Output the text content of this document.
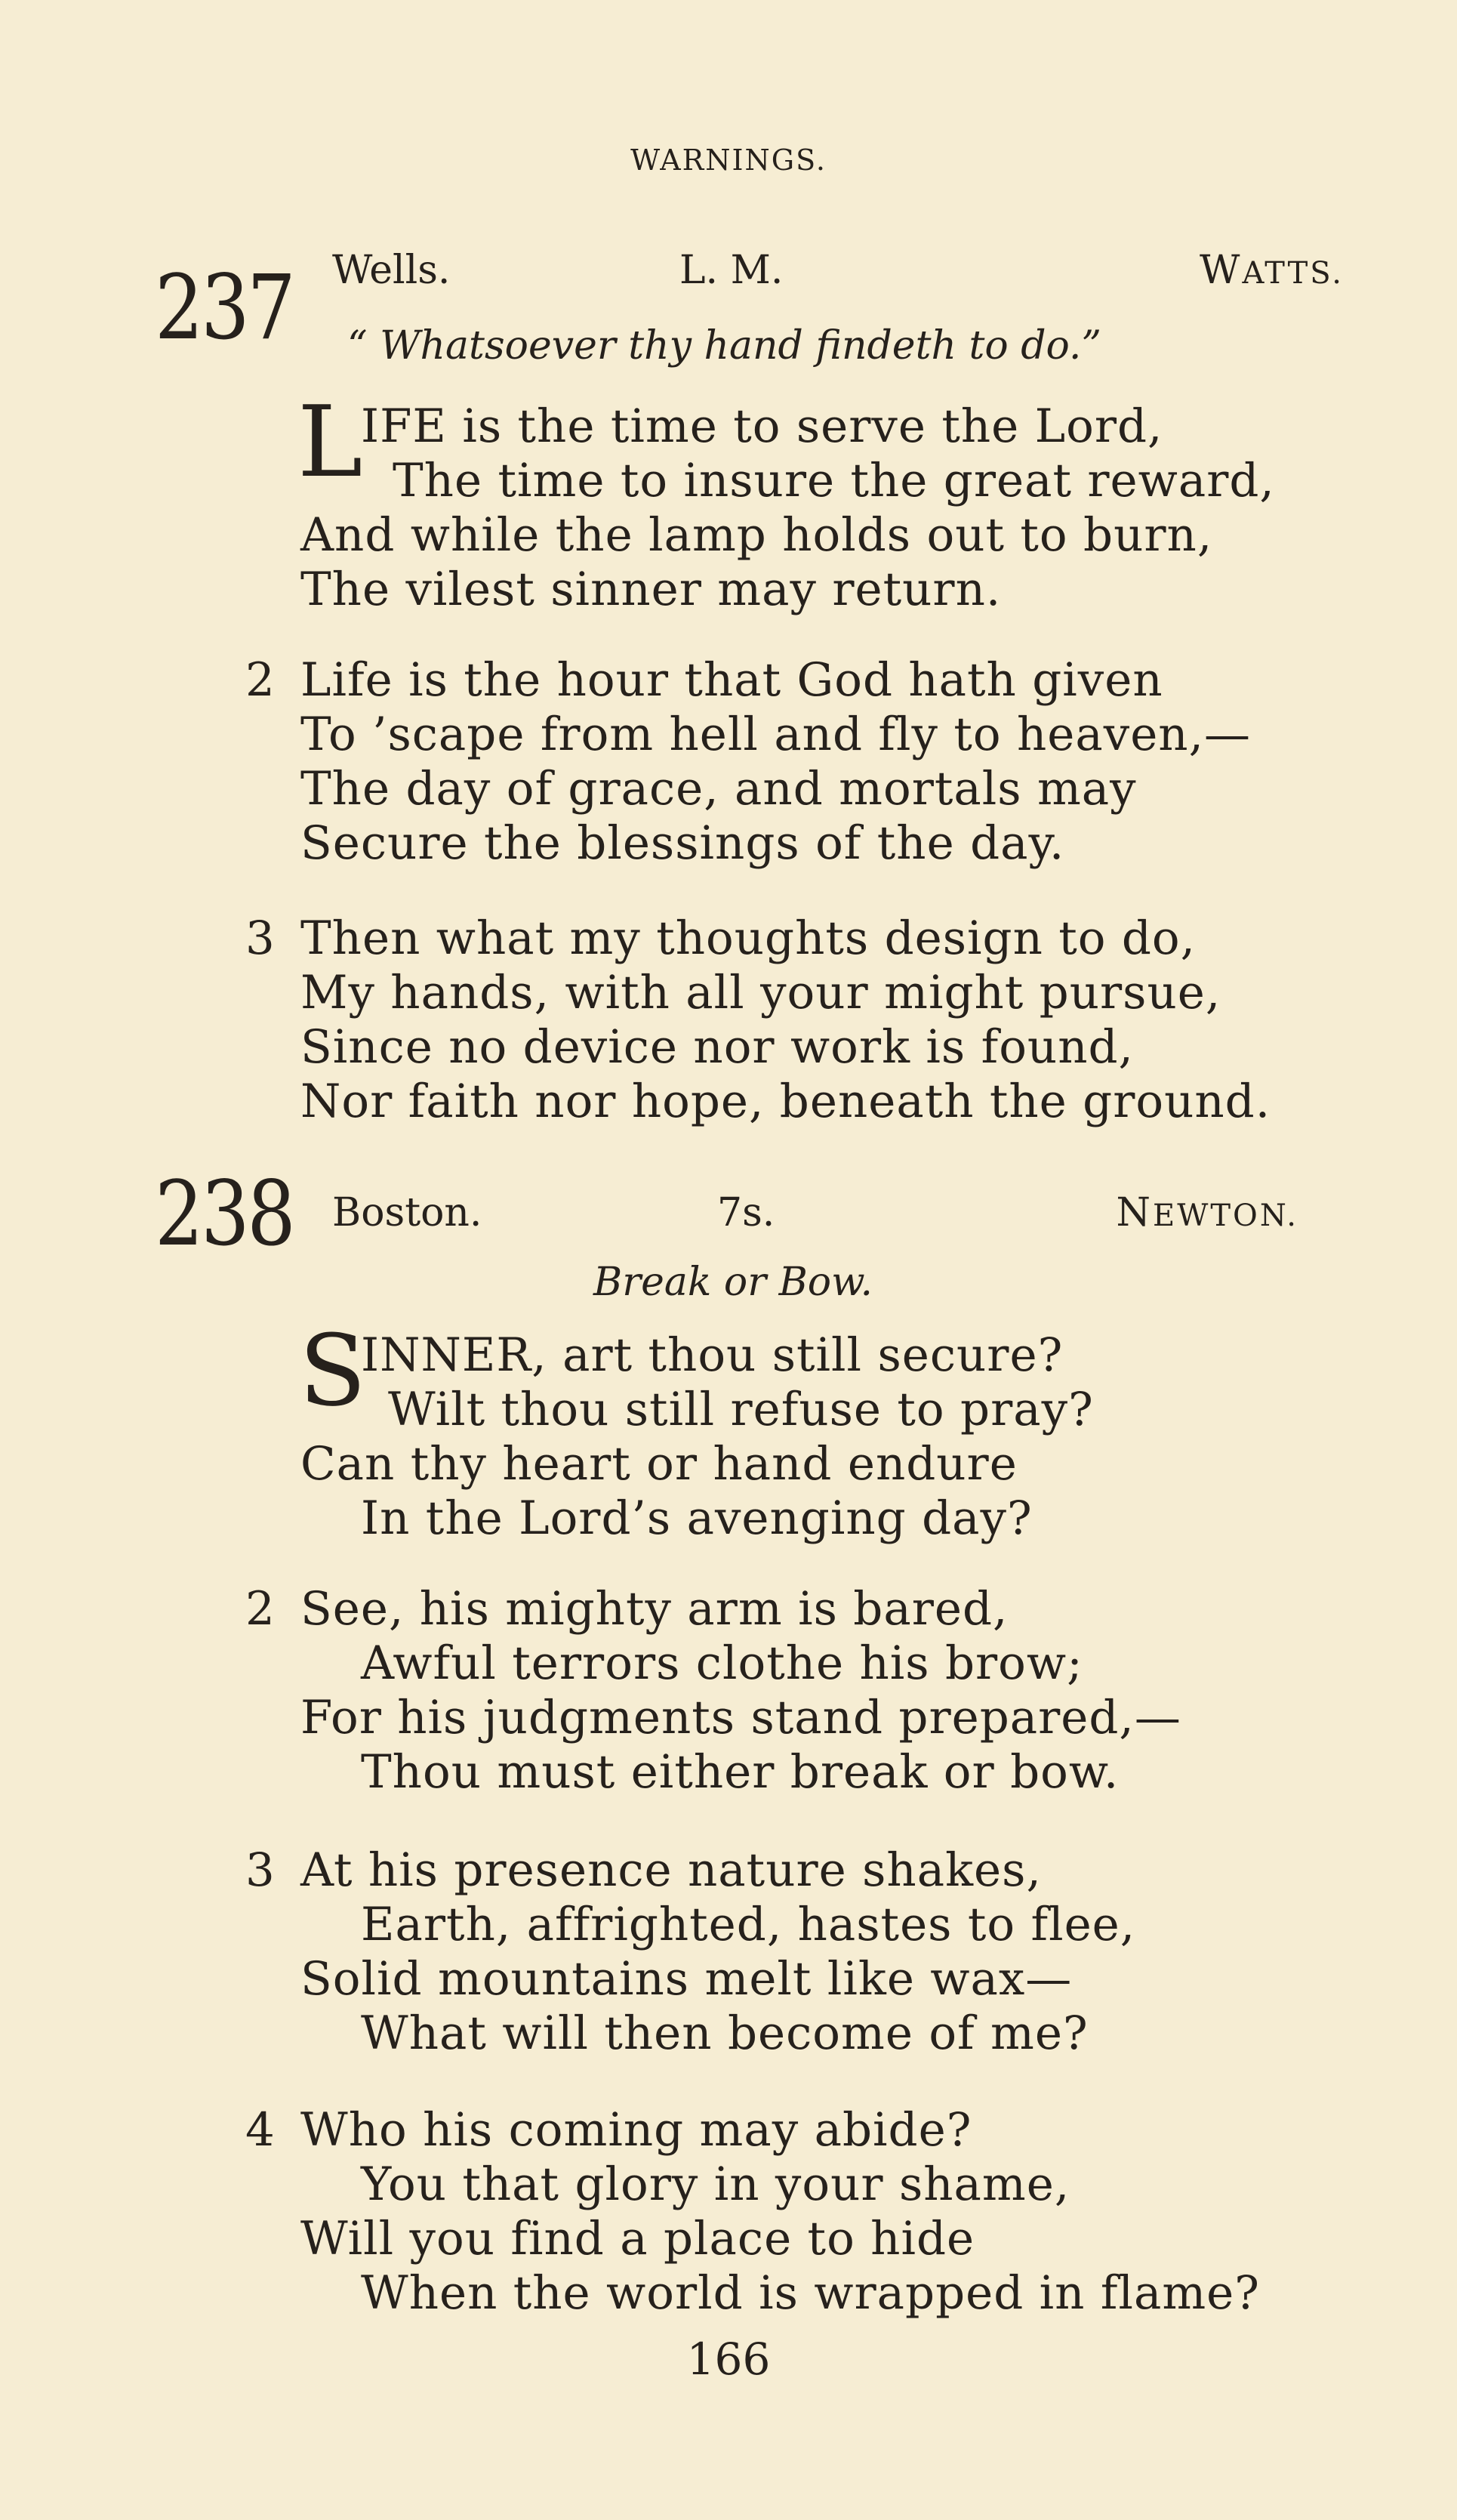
WARNINGS.
237 Wells.	L. M.	WATTS.
“ Whatsoever thy hand findeth to do.”
L
IFE is the time to serve the Lord,
The time to insure the great reward,
And while the lamp holds out to burn,
The vilest sinner may return.
2 Life is the hour that God hath given
To ’scape from hell and fly to heaven,—
The day of grace, and mortals may
Secure the blessings of the day.
3 Then what my thoughts design to do,
My hands, with all your might pursue,
Since no device nor work is found,
Nor faith nor hope, beneath the ground.
238 Boston.	7s.	NEWTON.
Break or Bow.
S
INNER, art thou still secure?
Wilt thou still refuse to pray?
Can thy heart or hand endure
In the Lord’s avenging day?
2 See, his mighty arm is bared,
Awful terrors clothe his brow;
For his judgments stand prepared,—
Thou must either break or bow.
3 At his presence nature shakes,
Earth, affrighted, hastes to flee,
Solid mountains melt like wax—
What will then become of me?
4 Who his coming may abide?
You that glory in your shame,
Will you find a place to hide
When the world is wrapped in flame?
166
